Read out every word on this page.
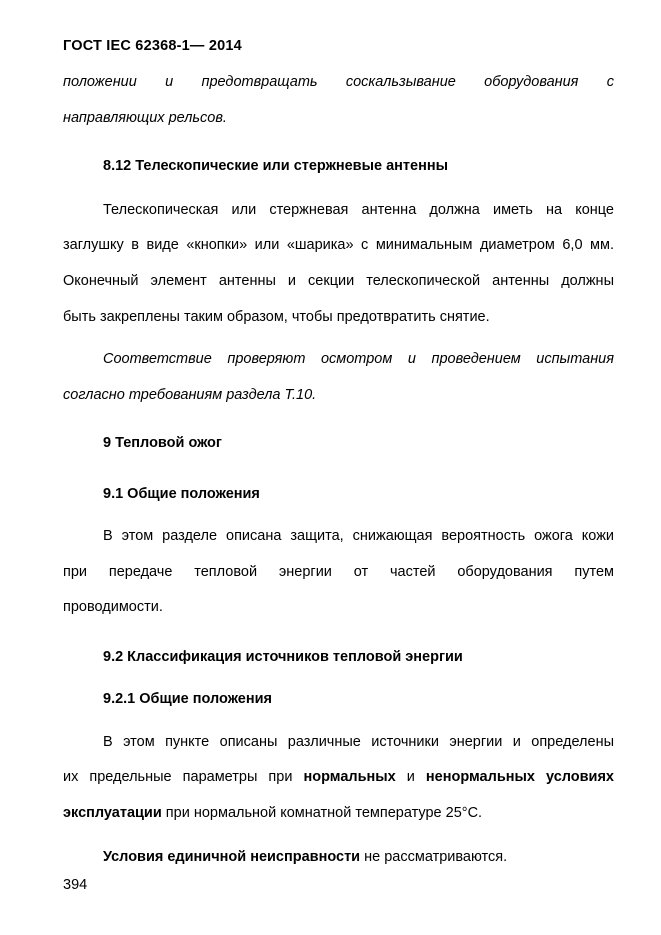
ГОСТ IEC 62368-1— 2014
положении и предотвращать соскальзывание оборудования с
направляющих рельсов.
8.12 Телескопические или стержневые антенны
Телескопическая или стержневая антенна должна иметь на конце
заглушку в виде «кнопки» или «шарика» с минимальным диаметром 6,0 мм.
Оконечный элемент антенны и секции телескопической антенны должны
быть закреплены таким образом, чтобы предотвратить снятие.
Соответствие проверяют осмотром и проведением испытания
согласно требованиям раздела Т.10.
9 Тепловой ожог
9.1 Общие положения
В этом разделе описана защита, снижающая вероятность ожога кожи
при передаче тепловой энергии от частей оборудования путем
проводимости.
9.2 Классификация источников тепловой энергии
9.2.1 Общие положения
В этом пункте описаны различные источники энергии и определены
их предельные параметры при нормальных и ненормальных условиях
эксплуатации при нормальной комнатной температуре 25°С.
Условия единичной неисправности не рассматриваются.
394
